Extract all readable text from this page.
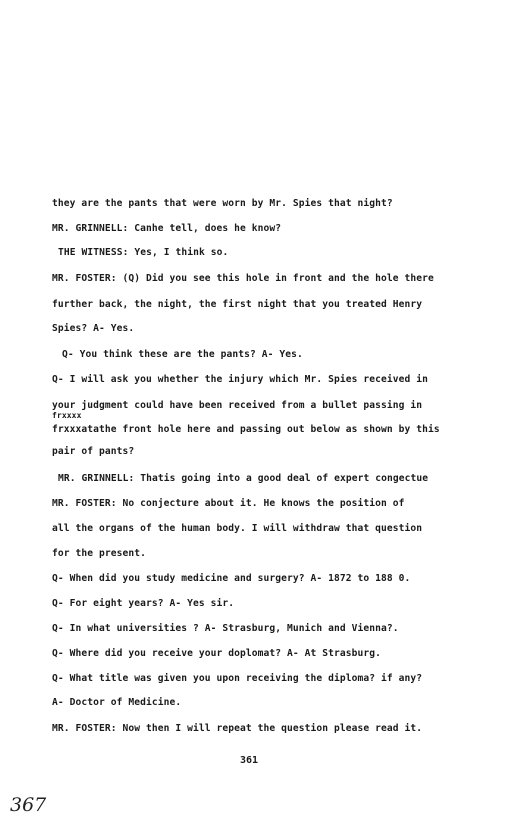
they are the pants that were worn by Mr. Spies that night?
MR. GRINNELL: Canhe tell, does he know?
THE WITNESS: Yes, I think so.
MR. FOSTER: (Q) Did you see this hole in front and the hole there
further back, the night, the first night that you treated Henry
Spies? A- Yes.
Q- You think these are the pants? A- Yes.
Q- I will ask you whether the injury which Mr. Spies received in
your judgment could have been received from a bullet passing in
frxxxx
frxxxatathe front hole here and passing out below as shown by this
pair of pants?
MR. GRINNELL: Thatis going into a good deal of expert congectue
MR. FOSTER: No conjecture about it. He knows the position of
all the organs of the human body. I will withdraw that question
for the present.
Q- When did you study medicine and surgery? A- 1872 to 188 0.
Q- For eight years? A- Yes sir.
Q- In what universities ? A- Strasburg, Munich and Vienna?.
Q- Where did you receive your doplomat? A- At Strasburg.
Q- What title was given you upon receiving the diploma? if any?
A- Doctor of Medicine.
MR. FOSTER: Now then I will repeat the question please read it.
361
367
